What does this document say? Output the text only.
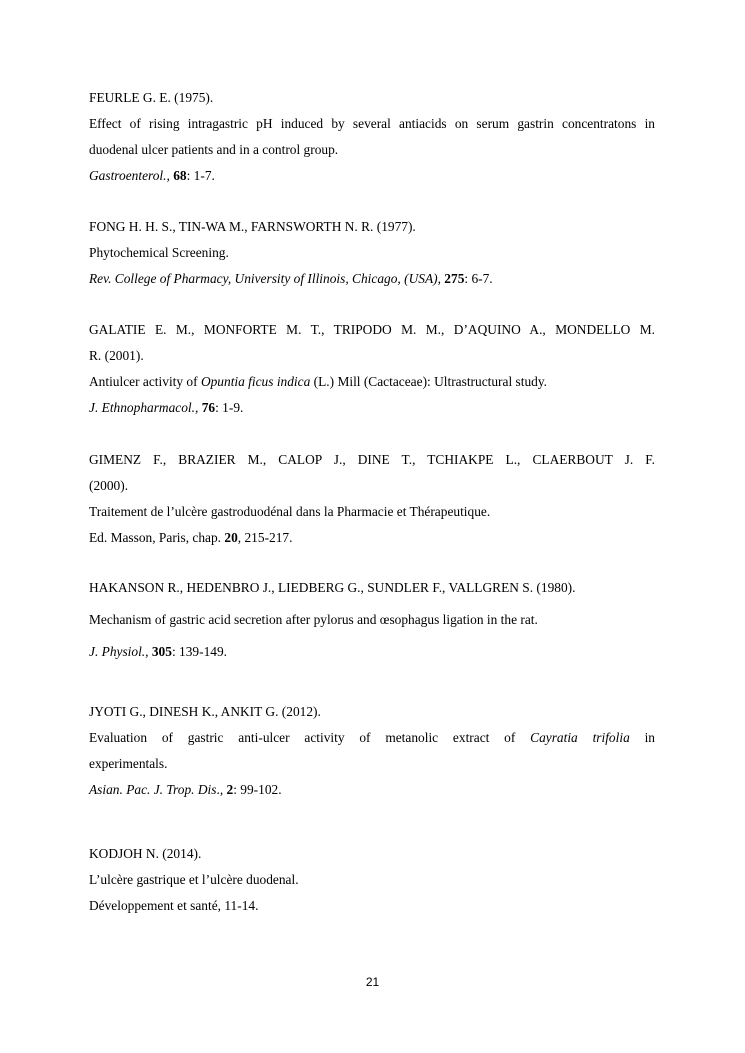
FEURLE G. E. (1975).
Effect of rising intragastric pH induced by several antiacids on serum gastrin concentratons in
duodenal ulcer patients and in a control group.
Gastroenterol., 68: 1-7.
FONG H. H. S., TIN-WA M., FARNSWORTH N. R. (1977).
Phytochemical Screening.
Rev. College of Pharmacy, University of Illinois, Chicago, (USA), 275: 6-7.
GALATIE E. M., MONFORTE M. T., TRIPODO M. M., D’AQUINO A., MONDELLO M.
R. (2001).
Antiulcer activity of Opuntia ficus indica (L.) Mill (Cactaceae): Ultrastructural study.
J. Ethnopharmacol., 76: 1-9.
GIMENZ F., BRAZIER M., CALOP J., DINE T., TCHIAKPE L., CLAERBOUT J. F.
(2000).
Traitement de l’ulcère gastroduodénal dans la Pharmacie et Thérapeutique.
Ed. Masson, Paris, chap. 20, 215-217.
HAKANSON R., HEDENBRO J., LIEDBERG G., SUNDLER F., VALLGREN S. (1980).
Mechanism of gastric acid secretion after pylorus and œsophagus ligation in the rat.
J. Physiol., 305: 139-149.
JYOTI G., DINESH K., ANKIT G. (2012).
Evaluation of gastric anti-ulcer activity of metanolic extract of Cayratia trifolia in
experimentals.
Asian. Pac. J. Trop. Dis., 2: 99-102.
KODJOH N. (2014).
L’ulcère gastrique et l’ulcère duodenal.
Développement et santé, 11-14.
21
